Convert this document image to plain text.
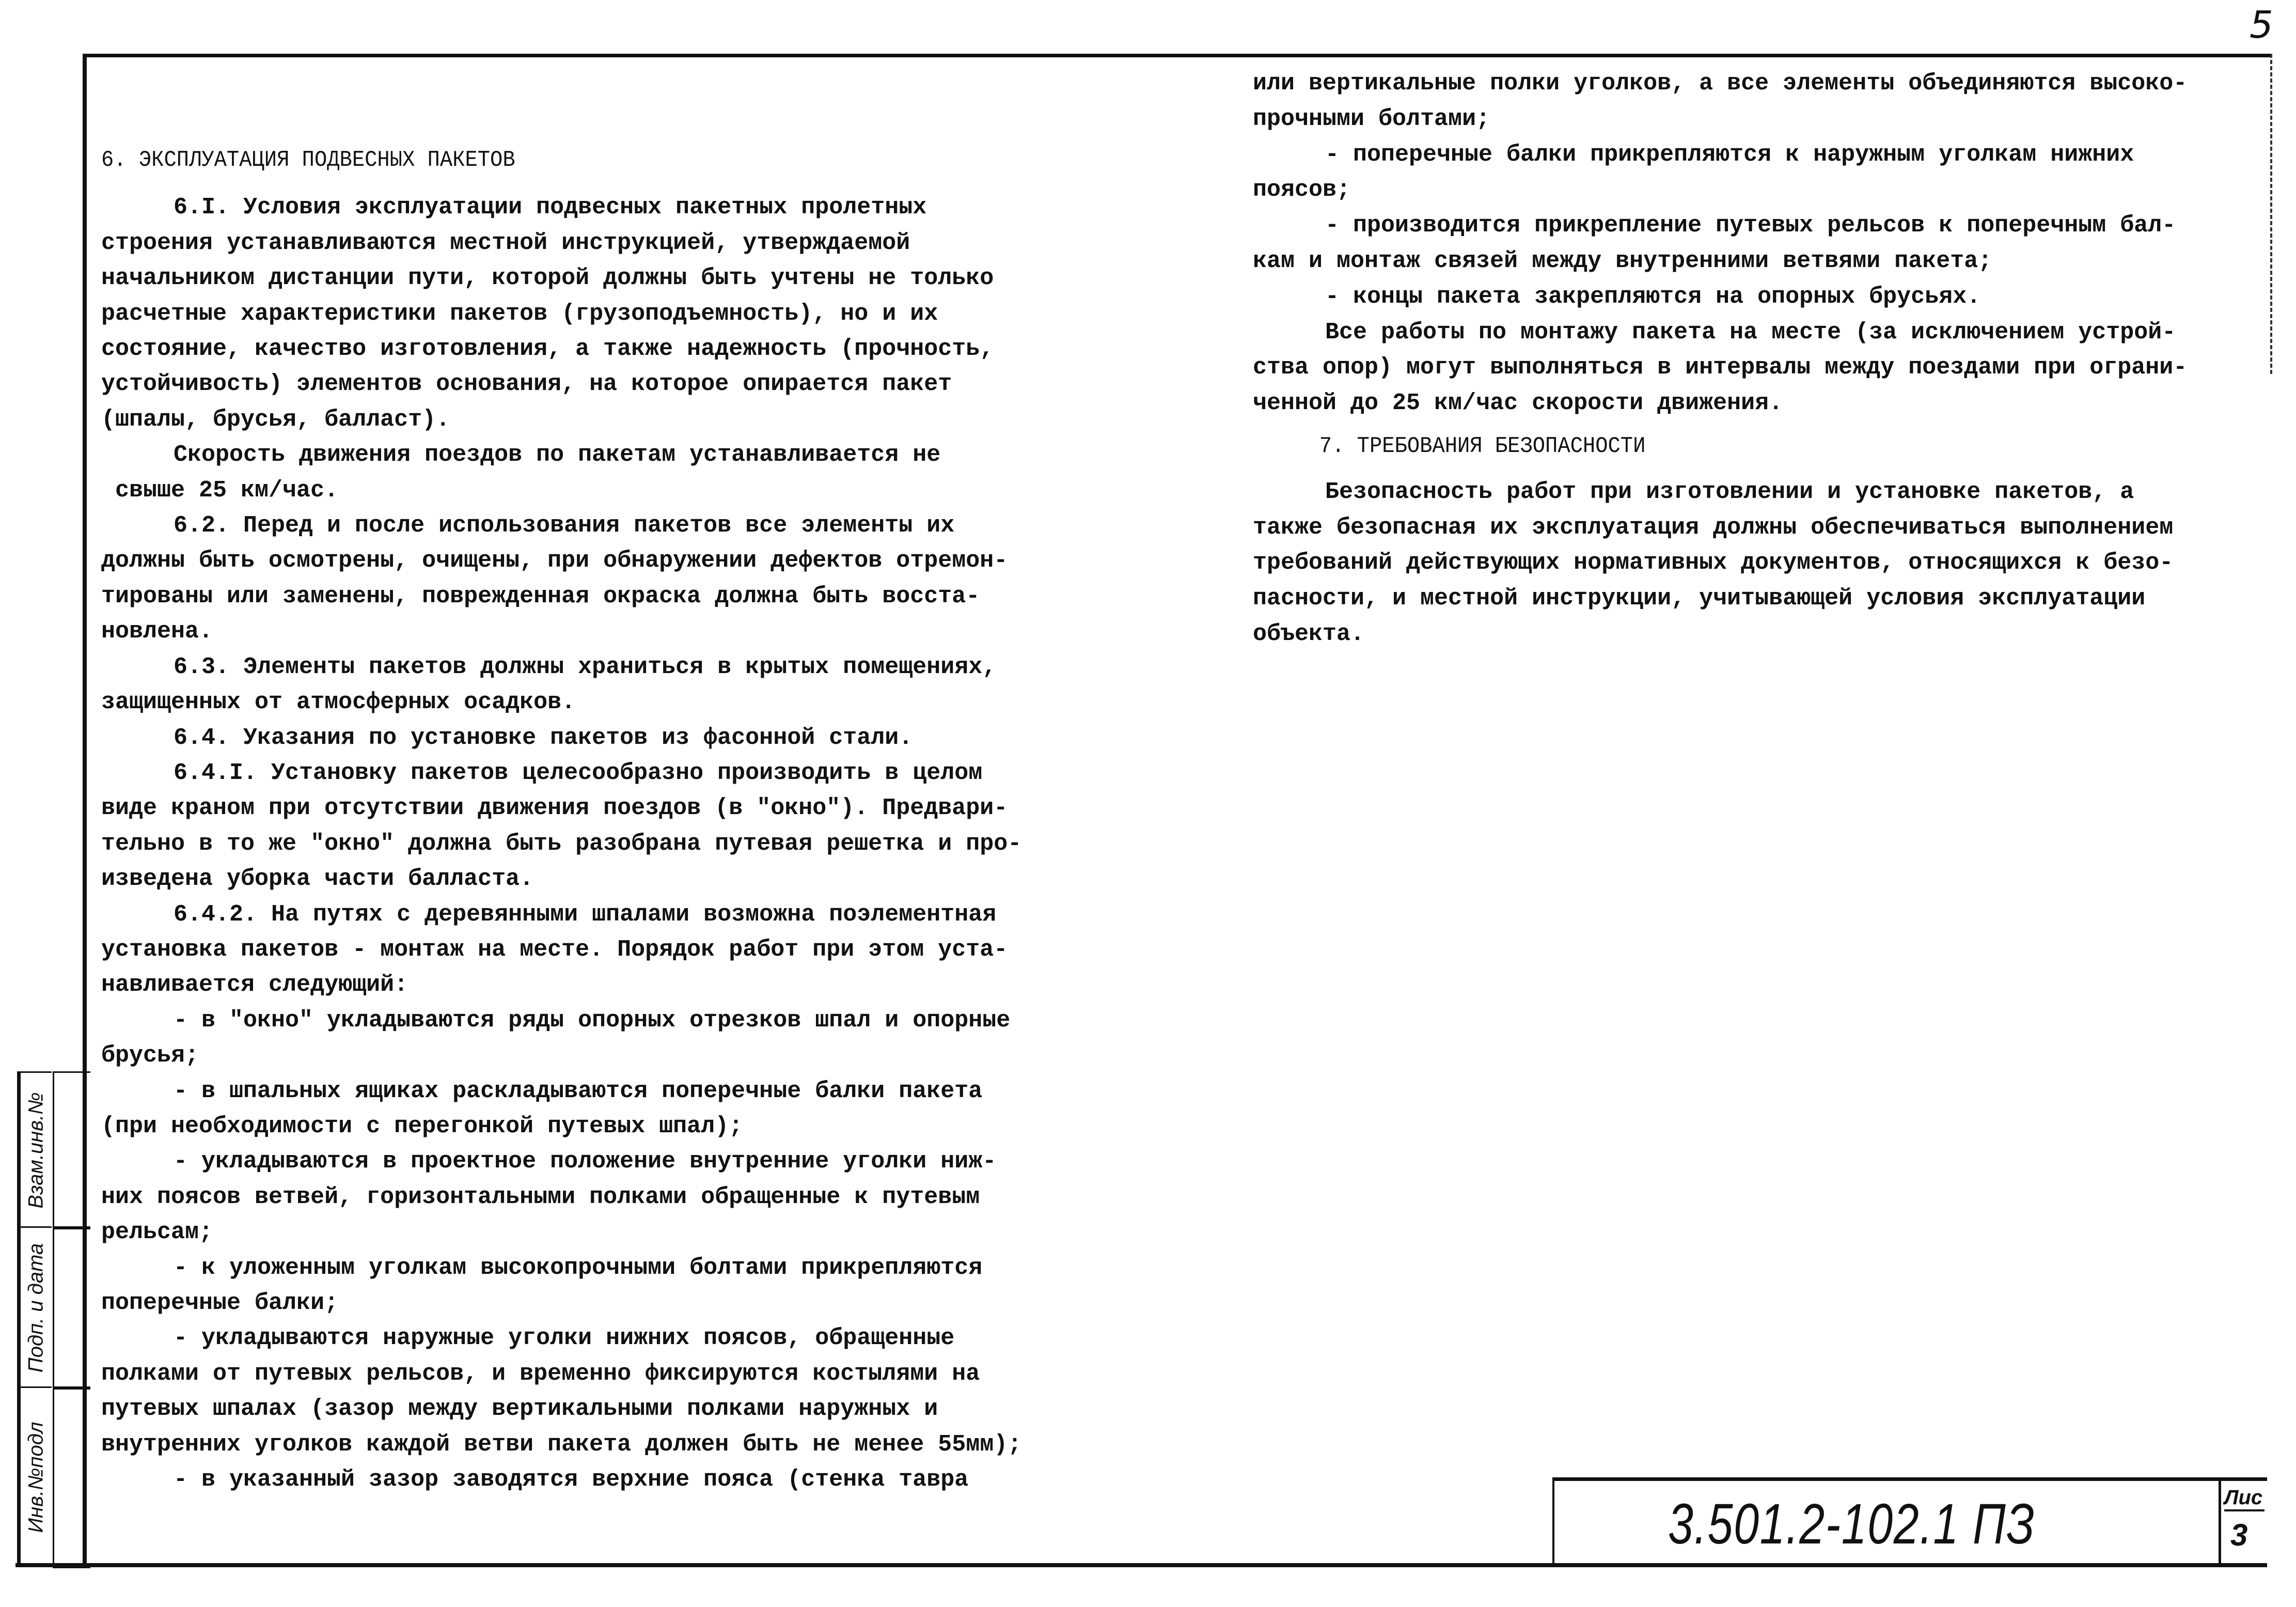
5
6. ЭКСПЛУАТАЦИЯ ПОДВЕСНЫХ ПАКЕТОВ
6.I. Условия эксплуатации подвесных пакетных пролетных
строения устанавливаются местной инструкцией, утверждаемой
начальником дистанции пути, которой должны быть учтены не только
расчетные характеристики пакетов (грузоподъемность), но и их
состояние, качество изготовления, а также надежность (прочность,
устойчивость) элементов основания, на которое опирается пакет
(шпалы, брусья, балласт).
Скорость движения поездов по пакетам устанавливается не
свыше 25 км/час.
6.2. Перед и после использования пакетов все элементы их
должны быть осмотрены, очищены, при обнаружении дефектов отремон-
тированы или заменены, поврежденная окраска должна быть восста-
новлена.
6.3. Элементы пакетов должны храниться в крытых помещениях,
защищенных от атмосферных осадков.
6.4. Указания по установке пакетов из фасонной стали.
6.4.I. Установку пакетов целесообразно производить в целом
виде краном при отсутствии движения поездов (в "окно"). Предвари-
тельно в то же "окно" должна быть разобрана путевая решетка и про-
изведена уборка части балласта.
6.4.2. На путях с деревянными шпалами возможна поэлементная
установка пакетов - монтаж на месте. Порядок работ при этом уста-
навливается следующий:
- в "окно" укладываются ряды опорных отрезков шпал и опорные
брусья;
- в шпальных ящиках раскладываются поперечные балки пакета
(при необходимости с перегонкой путевых шпал);
- укладываются в проектное положение внутренние уголки ниж-
них поясов ветвей, горизонтальными полками обращенные к путевым
рельсам;
- к уложенным уголкам высокопрочными болтами прикрепляются
поперечные балки;
- укладываются наружные уголки нижних поясов, обращенные
полками от путевых рельсов, и временно фиксируются костылями на
путевых шпалах (зазор между вертикальными полками наружных и
внутренних уголков каждой ветви пакета должен быть не менее 55мм);
- в указанный зазор заводятся верхние пояса (стенка тавра
или вертикальные полки уголков, а все элементы объединяются высоко-
прочными болтами;
- поперечные балки прикрепляются к наружным уголкам нижних
поясов;
- производится прикрепление путевых рельсов к поперечным бал-
кам и монтаж связей между внутренними ветвями пакета;
- концы пакета закрепляются на опорных брусьях.
Все работы по монтажу пакета на месте (за исключением устрой-
ства опор) могут выполняться в интервалы между поездами при ограни-
ченной до 25 км/час скорости движения.
7. ТРЕБОВАНИЯ БЕЗОПАСНОСТИ
Безопасность работ при изготовлении и установке пакетов, а
также безопасная их эксплуатация должны обеспечиваться выполнением
требований действующих нормативных документов, относящихся к безо-
пасности, и местной инструкции, учитывающей условия эксплуатации
объекта.
3.501.2-102.1 ПЗ	Лис
3
Взам.инв.№
Подп. и дата
Инв.№подл
